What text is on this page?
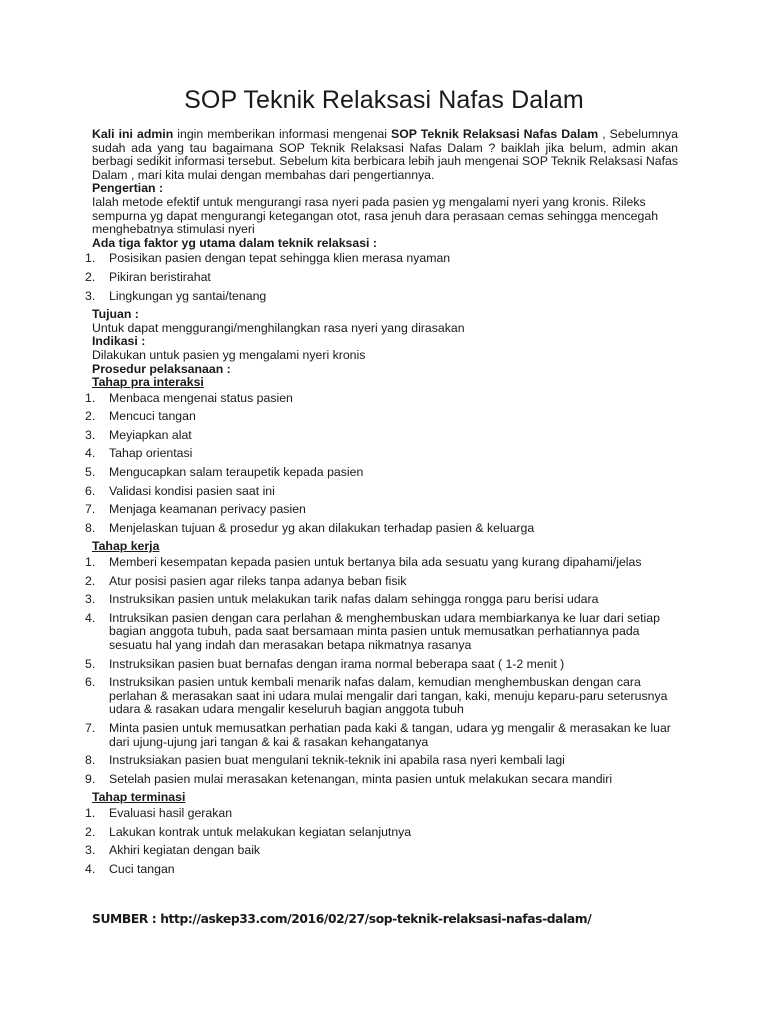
SOP Teknik Relaksasi Nafas Dalam

Kali ini admin ingin memberikan informasi mengenai SOP Teknik Relaksasi Nafas Dalam , Sebelumnya sudah ada yang tau bagaimana SOP Teknik Relaksasi Nafas Dalam ? baiklah jika belum, admin akan berbagi sedikit informasi tersebut. Sebelum kita berbicara lebih jauh mengenai SOP Teknik Relaksasi Nafas Dalam , mari kita mulai dengan membahas dari pengertiannya.

Pengertian :

Ialah metode efektif untuk mengurangi rasa nyeri pada pasien yg mengalami nyeri yang kronis. Rileks sempurna yg dapat mengurangi ketegangan otot, rasa jenuh dara perasaan cemas sehingga mencegah menghebatnya stimulasi nyeri

Ada tiga faktor yg utama dalam teknik relaksasi :

1.	Posisikan pasien dengan tepat sehingga klien merasa nyaman
2.	Pikiran beristirahat
3.	Lingkungan yg santai/tenang

Tujuan :

Untuk dapat menggurangi/menghilangkan rasa nyeri yang dirasakan

Indikasi :

Dilakukan untuk pasien yg mengalami nyeri kronis

Prosedur pelaksanaan :

Tahap pra interaksi

1.	Menbaca mengenai status pasien
2.	Mencuci tangan
3.	Meyiapkan alat
4.	Tahap orientasi
5.	Mengucapkan salam teraupetik kepada pasien
6.	Validasi kondisi pasien saat ini
7.	Menjaga keamanan perivacy pasien
8.	Menjelaskan tujuan & prosedur yg akan dilakukan terhadap pasien & keluarga

Tahap kerja

1.	Memberi kesempatan kepada pasien untuk bertanya bila ada sesuatu yang kurang dipahami/jelas
2.	Atur posisi pasien agar rileks tanpa adanya beban fisik
3.	Instruksikan pasien untuk melakukan tarik nafas dalam sehingga rongga paru berisi udara
4.	Intruksikan pasien dengan cara perlahan & menghembuskan udara membiarkanya ke luar dari setiap bagian anggota tubuh, pada saat bersamaan minta pasien untuk memusatkan perhatiannya pada sesuatu hal yang indah dan merasakan betapa nikmatnya rasanya
5.	Instruksikan pasien buat bernafas dengan irama normal beberapa saat ( 1-2 menit )
6.	Instruksikan pasien untuk kembali menarik nafas dalam, kemudian menghembuskan dengan cara perlahan & merasakan saat ini udara mulai mengalir dari tangan, kaki, menuju keparu-paru seterusnya udara & rasakan udara mengalir keseluruh bagian anggota tubuh
7.	Minta pasien untuk memusatkan perhatian pada kaki & tangan, udara yg mengalir & merasakan ke luar dari ujung-ujung jari tangan & kai & rasakan kehangatanya
8.	Instruksiakan pasien buat mengulani teknik-teknik ini apabila rasa nyeri kembali lagi
9.	Setelah pasien mulai merasakan ketenangan, minta pasien untuk melakukan secara mandiri

Tahap terminasi

1.	Evaluasi hasil gerakan
2.	Lakukan kontrak untuk melakukan kegiatan selanjutnya
3.	Akhiri kegiatan dengan baik
4.	Cuci tangan
SUMBER : http://askep33.com/2016/02/27/sop-teknik-relaksasi-nafas-dalam/
